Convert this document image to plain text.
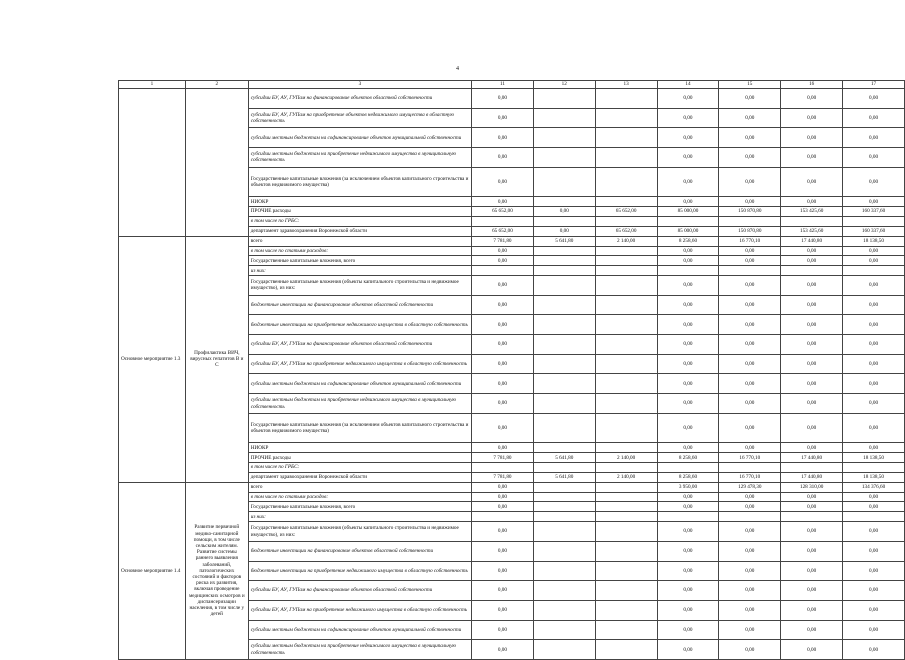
4
1	2	3	11	12	13	14	15	16	17
		субсидии БУ, АУ, ГУПам на финансирование объектов областной собственности	0,00			0,00	0,00	0,00	0,00
		субсидии БУ, АУ, ГУПам на приобретение объектов недвижимого имущества в областную собственность	0,00			0,00	0,00	0,00	0,00
		субсидии местным бюджетам на софинансирование объектов муниципальной собственности	0,00			0,00	0,00	0,00	0,00
		субсидии местным бюджетам на приобретение недвижимого имущества в муниципальную собственность	0,00			0,00	0,00	0,00	0,00
		Государственные капитальные вложения (за исключением объектов капитального строительства и объектов недвижимого имущества)	0,00			0,00	0,00	0,00	0,00
		НИОКР	0,00			0,00	0,00	0,00	0,00
		ПРОЧИЕ расходы	65 652,00	0,00	65 652,00	85 000,00	150 870,80	153 425,60	160 337,60
		в том числе по ГРБС:							
		департамент здравоохранения Воронежской области	65 652,00	0,00	65 652,00	85 000,00	150 870,80	153 425,60	160 337,60
Основное мероприятие 1.3	Профилактика ВИЧ, вирусных гепатитов В и С	всего	7 781,80	5 641,80	2 140,00	8 258,60	16 770,10	17 440,80	18 138,50
		в том числе по статьям расходов:	0,00			0,00	0,00	0,00	0,00
		Государственные капитальные вложения, всего	0,00			0,00	0,00	0,00	0,00
		из них:							
		Государственные капитальные вложения (объекты капитального строительства и недвижимое имущество), из них:	0,00			0,00	0,00	0,00	0,00
		бюджетные инвестиции на финансирование объектов областной собственности	0,00			0,00	0,00	0,00	0,00
		бюджетные инвестиции на приобретение недвижимого имущества в областную собственность	0,00			0,00	0,00	0,00	0,00
		субсидии БУ, АУ, ГУПам на финансирование объектов областной собственности	0,00			0,00	0,00	0,00	0,00
		субсидии БУ, АУ, ГУПам на приобретение недвижимого имущества в областную собственность	0,00			0,00	0,00	0,00	0,00
		субсидии местным бюджетам на софинансирование объектов муниципальной собственности	0,00			0,00	0,00	0,00	0,00
		субсидии местным бюджетам на приобретение недвижимого имущества в муниципальную собственность	0,00			0,00	0,00	0,00	0,00
		Государственные капитальные вложения (за исключением объектов капитального строительства и объектов недвижимого имущества)	0,00			0,00	0,00	0,00	0,00
		НИОКР	0,00			0,00	0,00	0,00	0,00
		ПРОЧИЕ расходы	7 781,80	5 641,80	2 140,00	8 258,60	16 770,10	17 440,80	18 138,50
		в том числе по ГРБС:							
		департамент здравоохранения Воронежской области	7 781,80	5 641,80	2 140,00	8 258,60	16 770,10	17 440,80	18 138,50
Основное мероприятие 1.4	Развитие первичной медико-санитарной помощи, в том числе сельским жителям. Развитие системы раннего выявления заболеваний, патологических состояний и факторов риска их развития, включая проведение медицинских осмотров и диспансеризации населения, в том числе у детей	всего	0,00			3 950,00	129 478,30	128 310,00	134 376,60
		в том числе по статьям расходов:	0,00			0,00	0,00	0,00	0,00
		Государственные капитальные вложения, всего	0,00			0,00	0,00	0,00	0,00
		из них:							
		Государственные капитальные вложения (объекты капитального строительства и недвижимое имущество), из них:	0,00			0,00	0,00	0,00	0,00
		бюджетные инвестиции на финансирование объектов областной собственности	0,00			0,00	0,00	0,00	0,00
		бюджетные инвестиции на приобретение недвижимого имущества в областную собственность	0,00			0,00	0,00	0,00	0,00
		субсидии БУ, АУ, ГУПам на финансирование объектов областной собственности	0,00			0,00	0,00	0,00	0,00
		субсидии БУ, АУ, ГУПам на приобретение недвижимого имущества в областную собственность	0,00			0,00	0,00	0,00	0,00
		субсидии местным бюджетам на софинансирование объектов муниципальной собственности	0,00			0,00	0,00	0,00	0,00
		субсидии местным бюджетам на приобретение недвижимого имущества в муниципальную собственность	0,00			0,00	0,00	0,00	0,00
